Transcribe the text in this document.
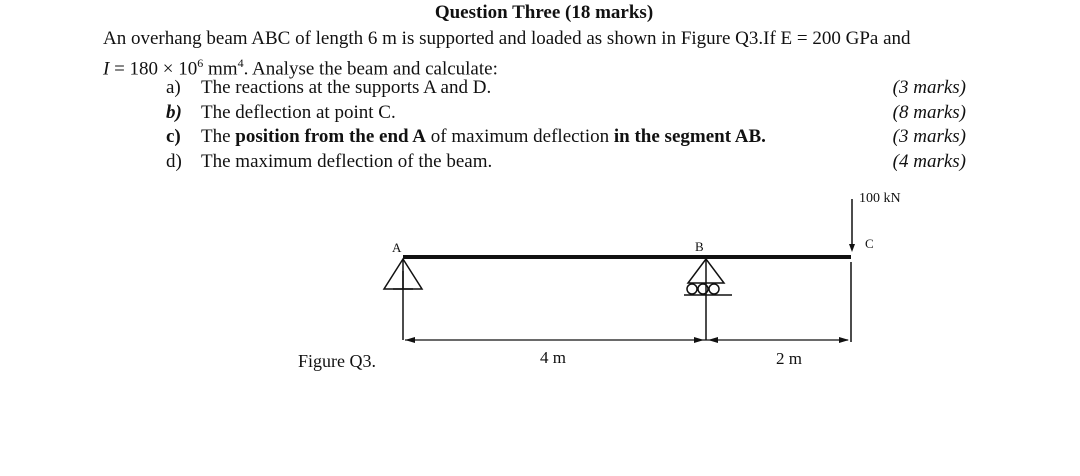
Question Three (18 marks)
An overhang beam ABC of length 6 m is supported and loaded as shown in Figure Q3.If E = 200 GPa and
$I = 180 \times 10^6$ $mm^4$. Analyse the beam and calculate:
a) The reactions at the supports A and D.	(3 marks)
b) The deflection at point C.	(8 marks)
c) The position from the end A of maximum deflection in the segment AB.	(3 marks)
d) The maximum deflection of the beam.	(4 marks)
A	B	C
100 kN
4 m	2 m
Figure Q3.
